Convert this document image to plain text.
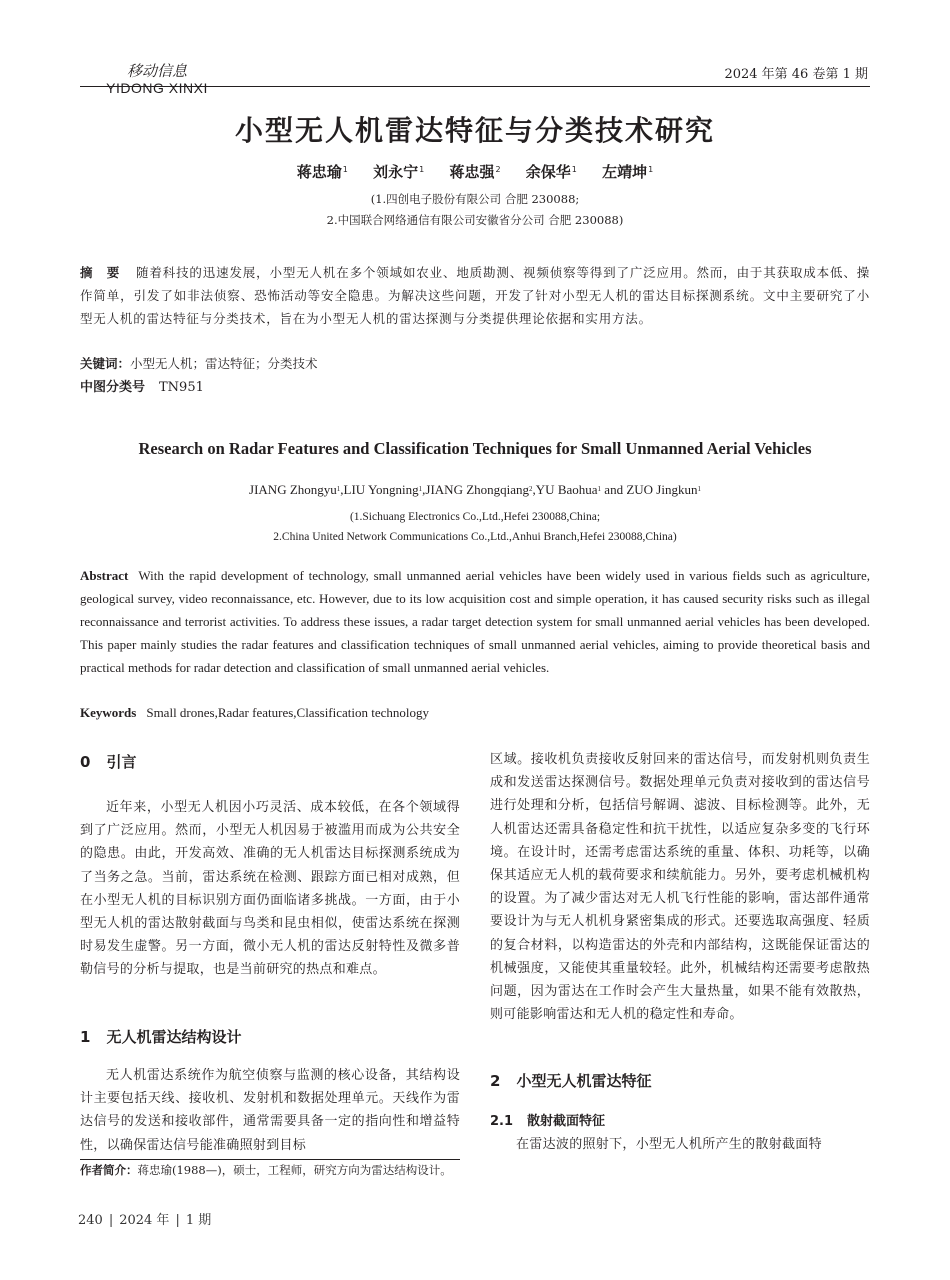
移动信息
YIDONG XINXI
2024 年第 46 卷第 1 期
小型无人机雷达特征与分类技术研究
蒋忠瑜$^1$ 刘永宁$^1$ 蒋忠强$^2$ 余保华$^1$ 左靖坤$^1$
(1.四创电子股份有限公司 合肥 230088;
2.中国联合网络通信有限公司安徽省分公司 合肥 230088)
摘　要 随着科技的迅速发展，小型无人机在多个领域如农业、地质勘测、视频侦察等得到了广泛应用。然而，由于其获取成本低、操作简单，引发了如非法侦察、恐怖活动等安全隐患。为解决这些问题，开发了针对小型无人机的雷达目标探测系统。文中主要研究了小型无人机的雷达特征与分类技术，旨在为小型无人机的雷达探测与分类提供理论依据和实用方法。
关键词：小型无人机；雷达特征；分类技术
中图分类号 TN951
Research on Radar Features and Classification Techniques for Small Unmanned Aerial Vehicles
JIANG Zhongyu$^1$,LIU Yongning$^1$,JIANG Zhongqiang$^2$,YU Baohua$^1$ and ZUO Jingkun$^1$
(1.Sichuang Electronics Co.,Ltd.,Hefei 230088,China;
2.China United Network Communications Co.,Ltd.,Anhui Branch,Hefei 230088,China)
Abstract With the rapid development of technology, small unmanned aerial vehicles have been widely used in various fields such as agriculture, geological survey, video reconnaissance, etc. However, due to its low acquisition cost and simple operation, it has caused security risks such as illegal reconnaissance and terrorist activities. To address these issues, a radar target detection system for small unmanned aerial vehicles has been developed. This paper mainly studies the radar features and classification techniques of small unmanned aerial vehicles, aiming to provide theoretical basis and practical methods for radar detection and classification of small unmanned aerial vehicles.
Keywords Small drones,Radar features,Classification technology
0 引言

近年来，小型无人机因小巧灵活、成本较低，在各个领域得到了广泛应用。然而，小型无人机因易于被滥用而成为公共安全的隐患。由此，开发高效、准确的无人机雷达目标探测系统成为了当务之急。当前，雷达系统在检测、跟踪方面已相对成熟，但在小型无人机的目标识别方面仍面临诸多挑战。一方面，由于小型无人机的雷达散射截面与鸟类和昆虫相似，使雷达系统在探测时易发生虚警。另一方面，微小无人机的雷达反射特性及微多普勒信号的分析与提取，也是当前研究的热点和难点。

1 无人机雷达结构设计

无人机雷达系统作为航空侦察与监测的核心设备，其结构设计主要包括天线、接收机、发射机和数据处理单元。天线作为雷达信号的发送和接收部件，通常需要具备一定的指向性和增益特性，以确保雷达信号能准确照射到目标

区域。接收机负责接收反射回来的雷达信号，而发射机则负责生成和发送雷达探测信号。数据处理单元负责对接收到的雷达信号进行处理和分析，包括信号解调、滤波、目标检测等。此外，无人机雷达还需具备稳定性和抗干扰性，以适应复杂多变的飞行环境。在设计时，还需考虑雷达系统的重量、体积、功耗等，以确保其适应无人机的载荷要求和续航能力。另外，要考虑机械机构的设置。为了减少雷达对无人机飞行性能的影响，雷达部件通常要设计为与无人机机身紧密集成的形式。还要选取高强度、轻质的复合材料，以构造雷达的外壳和内部结构，这既能保证雷达的机械强度，又能使其重量较轻。此外，机械结构还需要考虑散热问题，因为雷达在工作时会产生大量热量，如果不能有效散热，则可能影响雷达和无人机的稳定性和寿命。

2 小型无人机雷达特征
2.1 散射截面特征

在雷达波的照射下，小型无人机所产生的散射截面特

作者简介：蒋忠瑜(1988—)，硕士，工程师，研究方向为雷达结构设计。
240 | 2024 年 | 1 期
